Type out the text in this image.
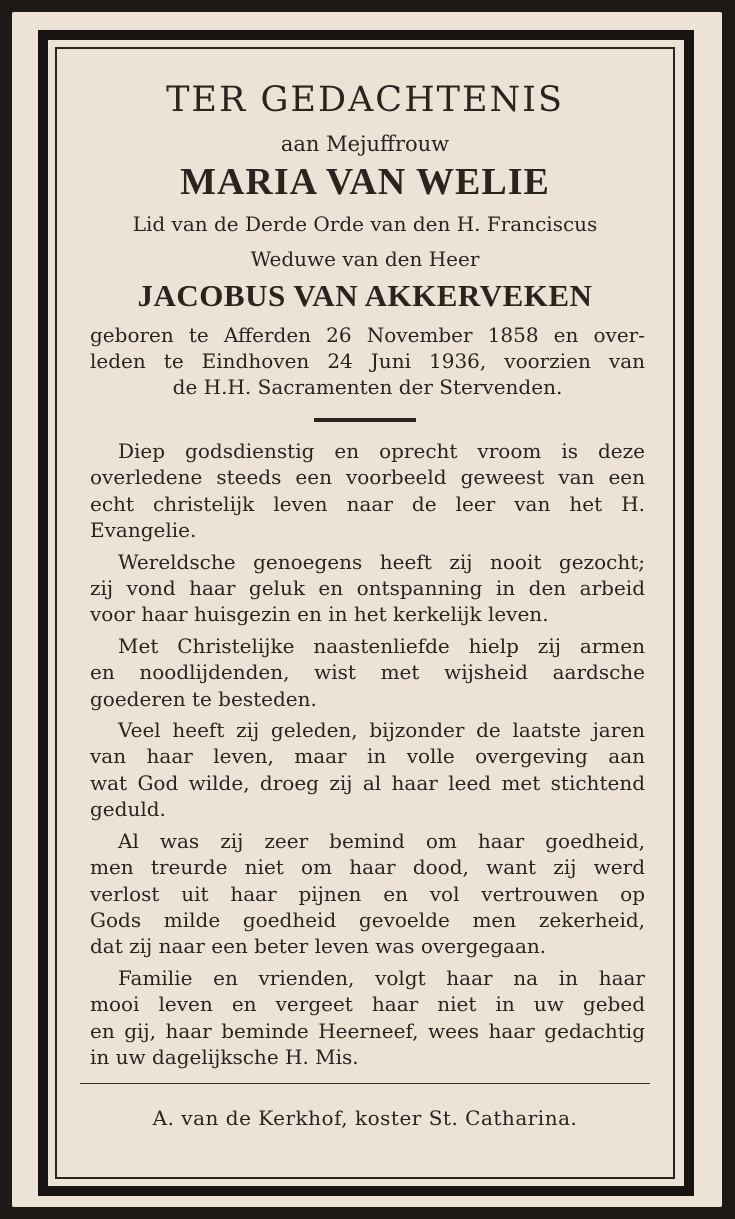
TER GEDACHTENIS
aan Mejuffrouw
MARIA VAN WELIE
Lid van de Derde Orde van den H. Franciscus
Weduwe van den Heer
JACOBUS VAN AKKERVEKEN
geboren te Afferden 26 November 1858 en over-
leden te Eindhoven 24 Juni 1936, voorzien van
de H.H. Sacramenten der Stervenden.
Diep godsdienstig en oprecht vroom is deze
overledene steeds een voorbeeld geweest van een
echt christelijk leven naar de leer van het H.
Evangelie.
Wereldsche genoegens heeft zij nooit gezocht;
zij vond haar geluk en ontspanning in den arbeid
voor haar huisgezin en in het kerkelijk leven.
Met Christelijke naastenliefde hielp zij armen
en noodlijdenden, wist met wijsheid aardsche
goederen te besteden.
Veel heeft zij geleden, bijzonder de laatste jaren
van haar leven, maar in volle overgeving aan
wat God wilde, droeg zij al haar leed met stichtend
geduld.
Al was zij zeer bemind om haar goedheid,
men treurde niet om haar dood, want zij werd
verlost uit haar pijnen en vol vertrouwen op
Gods milde goedheid gevoelde men zekerheid,
dat zij naar een beter leven was overgegaan.
Familie en vrienden, volgt haar na in haar
mooi leven en vergeet haar niet in uw gebed
en gij, haar beminde Heerneef, wees haar gedachtig
in uw dagelijksche H. Mis.
A. van de Kerkhof, koster St. Catharina.
